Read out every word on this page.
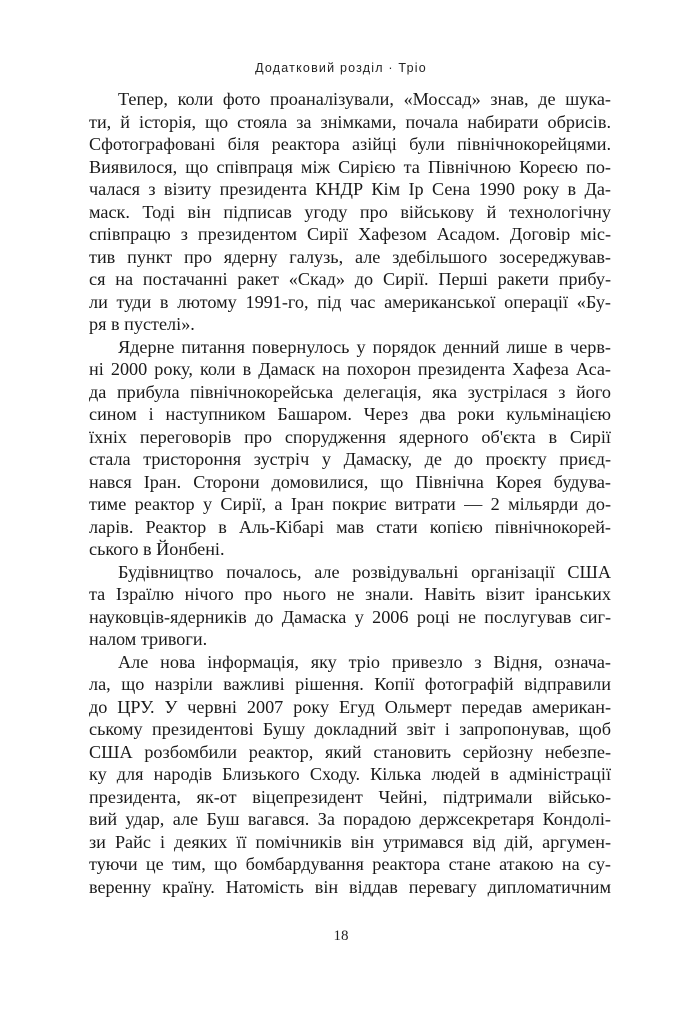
Додатковий розділ · Тріо
Тепер, коли фото проаналізували, «Моссад» знав, де шука-
ти, й історія, що стояла за знімками, почала набирати обрисів.
Сфотографовані біля реактора азійці були північнокорейцями.
Виявилося, що співпраця між Сирією та Північною Кореєю по-
чалася з візиту президента КНДР Кім Ір Сена 1990 року в Да-
маск. Тоді він підписав угоду про військову й технологічну
співпрацю з президентом Сирії Хафезом Асадом. Договір міс-
тив пункт про ядерну галузь, але здебільшого зосереджував-
ся на постачанні ракет «Скад» до Сирії. Перші ракети прибу-
ли туди в лютому 1991-го, під час американської операції «Бу-
ря в пустелі».
Ядерне питання повернулось у порядок денний лише в черв-
ні 2000 року, коли в Дамаск на похорон президента Хафеза Аса-
да прибула північнокорейська делегація, яка зустрілася з його
сином і наступником Башаром. Через два роки кульмінацією
їхніх переговорів про спорудження ядерного об'єкта в Сирії
стала тристороння зустріч у Дамаску, де до проєкту приєд-
нався Іран. Сторони домовилися, що Північна Корея будува-
тиме реактор у Сирії, а Іран покриє витрати — 2 мільярди до-
ларів. Реактор в Аль-Кібарі мав стати копією північнокорей-
ського в Йонбені.
Будівництво почалось, але розвідувальні організації США
та Ізраїлю нічого про нього не знали. Навіть візит іранських
науковців-ядерників до Дамаска у 2006 році не послугував сиг-
налом тривоги.
Але нова інформація, яку тріо привезло з Відня, означа-
ла, що назріли важливі рішення. Копії фотографій відправили
до ЦРУ. У червні 2007 року Егуд Ольмерт передав американ-
ському президентові Бушу докладний звіт і запропонував, щоб
США розбомбили реактор, який становить серйозну небезпе-
ку для народів Близького Сходу. Кілька людей в адміністрації
президента, як-от віцепрезидент Чейні, підтримали військо-
вий удар, але Буш вагався. За порадою держсекретаря Кондолі-
зи Райс і деяких її помічників він утримався від дій, аргумен-
туючи це тим, що бомбардування реактора стане атакою на су-
веренну країну. Натомість він віддав перевагу дипломатичним
18
